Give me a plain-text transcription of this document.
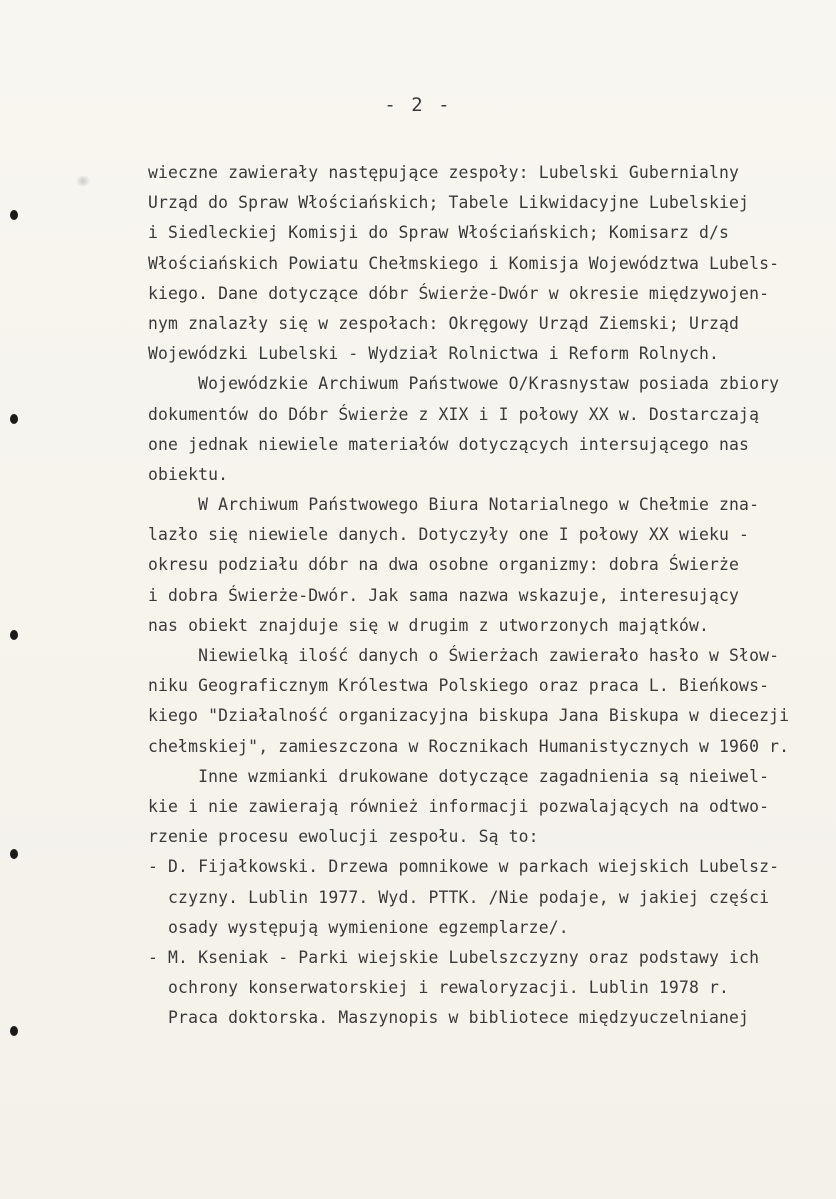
- 2 -
wieczne zawierały następujące zespoły: Lubelski Gubernialny
Urząd do Spraw Włościańskich; Tabele Likwidacyjne Lubelskiej
i Siedleckiej Komisji do Spraw Włościańskich; Komisarz d/s
Włościańskich Powiatu Chełmskiego i Komisja Województwa Lubels-
kiego. Dane dotyczące dóbr Świerże-Dwór w okresie międzywojen-
nym znalazły się w zespołach: Okręgowy Urząd Ziemski; Urząd
Wojewódzki Lubelski - Wydział Rolnictwa i Reform Rolnych.
Wojewódzkie Archiwum Państwowe O/Krasnystaw posiada zbiory
dokumentów do Dóbr Świerże z XIX i I połowy XX w. Dostarczają
one jednak niewiele materiałów dotyczących intersującego nas
obiektu.
W Archiwum Państwowego Biura Notarialnego w Chełmie zna-
lazło się niewiele danych. Dotyczyły one I połowy XX wieku -
okresu podziału dóbr na dwa osobne organizmy: dobra Świerże
i dobra Świerże-Dwór. Jak sama nazwa wskazuje, interesujący
nas obiekt znajduje się w drugim z utworzonych majątków.
Niewielką ilość danych o Świerżach zawierało hasło w Słow-
niku Geograficznym Królestwa Polskiego oraz praca L. Bieńkows-
kiego "Działalność organizacyjna biskupa Jana Biskupa w diecezji
chełmskiej", zamieszczona w Rocznikach Humanistycznych w 1960 r.
Inne wzmianki drukowane dotyczące zagadnienia są nieiwel-
kie i nie zawierają również informacji pozwalających na odtwo-
rzenie procesu ewolucji zespołu. Są to:
- D. Fijałkowski. Drzewa pomnikowe w parkach wiejskich Lubelsz-
czyzny. Lublin 1977. Wyd. PTTK. /Nie podaje, w jakiej części
osady występują wymienione egzemplarze/.
- M. Kseniak - Parki wiejskie Lubelszczyzny oraz podstawy ich
ochrony konserwatorskiej i rewaloryzacji. Lublin 1978 r.
Praca doktorska. Maszynopis w bibliotece międzyuczelnianej
